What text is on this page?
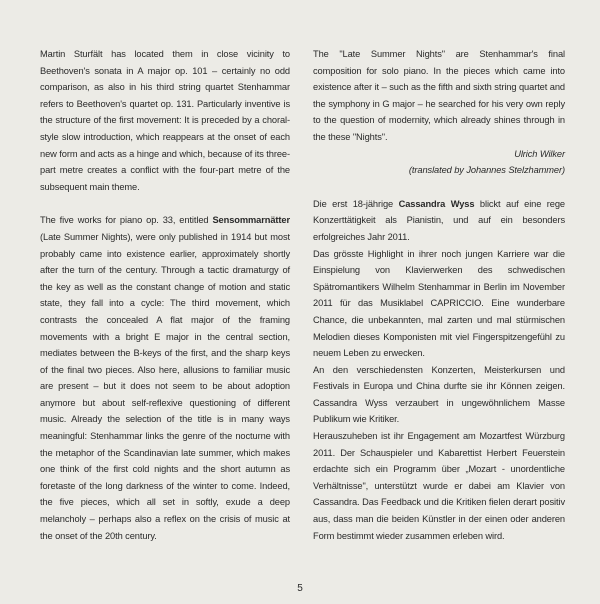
Martin Sturfält has located them in close vicinity to Beethoven's sonata in A major op. 101 – certainly no odd comparison, as also in his third string quartet Stenhammar refers to Beethoven's quartet op. 131. Particularly inventive is the structure of the first movement: It is preceded by a choral-style slow introduction, which reappears at the onset of each new form and acts as a hinge and which, because of its three-part metre creates a conflict with the four-part metre of the subsequent main theme.

The five works for piano op. 33, entitled Sensommarnätter (Late Summer Nights), were only published in 1914 but most probably came into existence earlier, approximately shortly after the turn of the century. Through a tactic dramaturgy of the key as well as the constant change of motion and static state, they fall into a cycle: The third movement, which contrasts the concealed A flat major of the framing movements with a bright E major in the central section, mediates between the B-keys of the first, and the sharp keys of the final two pieces. Also here, allusions to familiar music are present – but it does not seem to be about adoption anymore but about self-reflexive questioning of different music. Already the selection of the title is in many ways meaningful: Stenhammar links the genre of the nocturne with the metaphor of the Scandinavian late summer, which makes one think of the first cold nights and the short autumn as foretaste of the long darkness of the winter to come. Indeed, the five pieces, which all set in softly, exude a deep melancholy – perhaps also a reflex on the crisis of music at the onset of the 20th century.

The "Late Summer Nights" are Stenhammar's final composition for solo piano. In the pieces which came into existence after it – such as the fifth and sixth string quartet and the symphony in G major – he searched for his very own reply to the question of modernity, which already shines through in the these "Nights".

Ulrich Wilker

(translated by Johannes Stelzhammer)

Die erst 18-jährige Cassandra Wyss blickt auf eine rege Konzerttätigkeit als Pianistin, und auf ein besonders erfolgreiches Jahr 2011.

Das grösste Highlight in ihrer noch jungen Karriere war die Einspielung von Klavierwerken des schwedischen Spätromantikers Wilhelm Stenhammar in Berlin im November 2011 für das Musiklabel CAPRICCIO. Eine wunderbare Chance, die unbekannten, mal zarten und mal stürmischen Melodien dieses Komponisten mit viel Fingerspitzengefühl zu neuem Leben zu erwecken.

An den verschiedensten Konzerten, Meisterkursen und Festivals in Europa und China durfte sie ihr Können zeigen. Cassandra Wyss verzaubert in ungewöhnlichem Masse Publikum wie Kritiker.

Herauszuheben ist ihr Engagement am Mozartfest Würzburg 2011. Der Schauspieler und Kabarettist Herbert Feuerstein erdachte sich ein Programm über „Mozart - unordentliche Verhältnisse", unterstützt wurde er dabei am Klavier von Cassandra. Das Feedback und die Kritiken fielen derart positiv aus, dass man die beiden Künstler in der einen oder anderen Form bestimmt wieder zusammen erleben wird.

5
